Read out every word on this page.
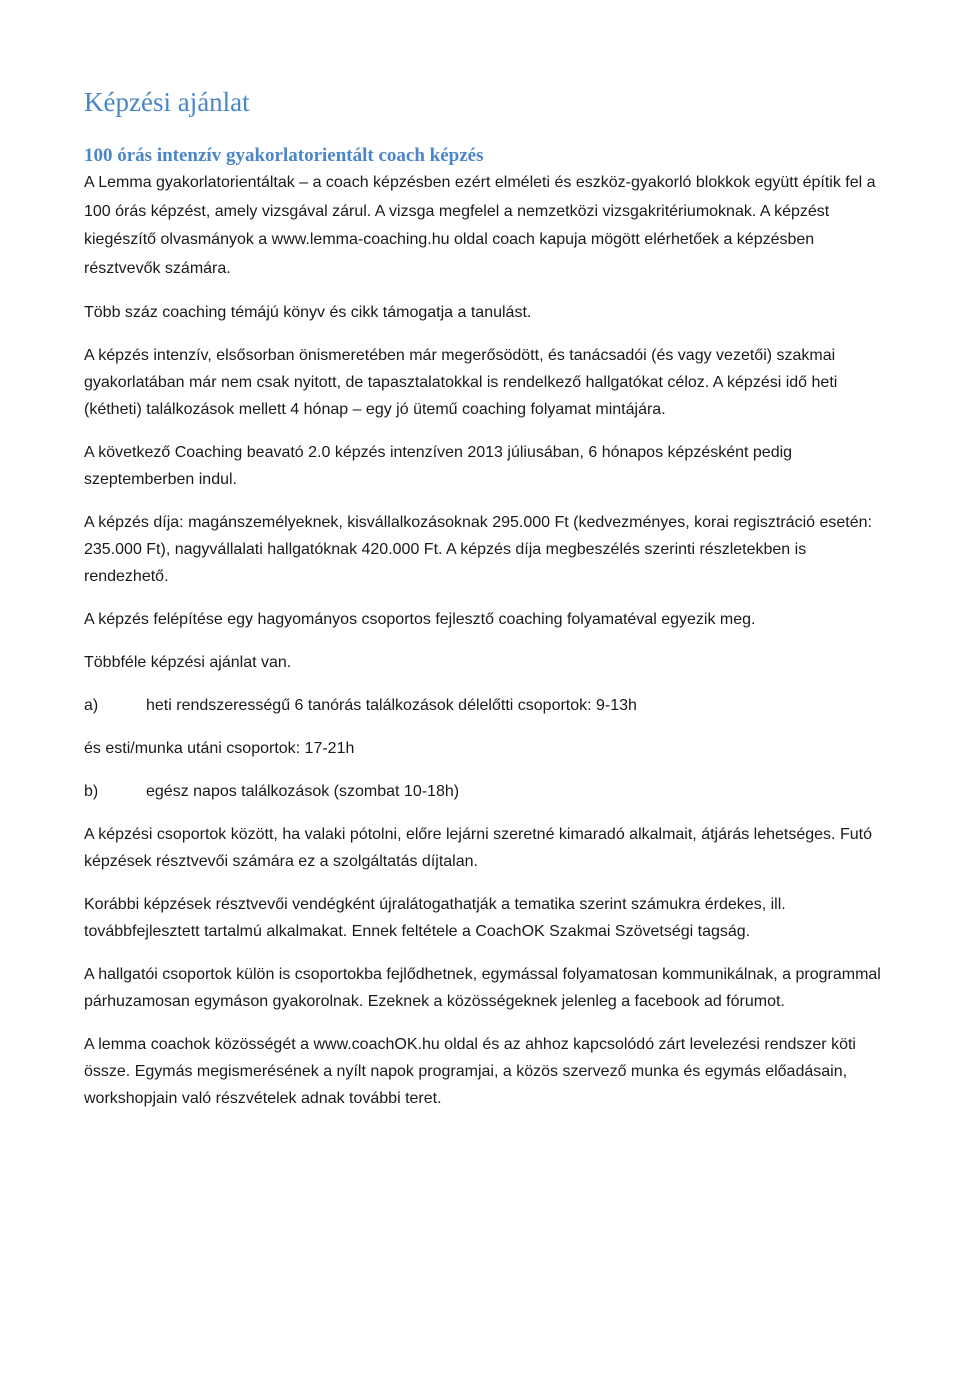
Képzési ajánlat
100 órás intenzív gyakorlatorientált coach képzés

A Lemma gyakorlatorientáltak – a coach képzésben ezért elméleti és eszköz-gyakorló blokkok együtt építik fel a 100 órás képzést, amely vizsgával zárul. A vizsga megfelel a nemzetközi vizsgakritériumoknak. A képzést kiegészítő olvasmányok a www.lemma-coaching.hu oldal coach kapuja mögött elérhetőek a képzésben résztvevők számára.

Több száz coaching témájú könyv és cikk támogatja a tanulást.

A képzés intenzív, elsősorban önismeretében már megerősödött, és tanácsadói (és vagy vezetői) szakmai gyakorlatában már nem csak nyitott, de tapasztalatokkal is rendelkező hallgatókat céloz. A képzési idő heti (kétheti) találkozások mellett 4 hónap – egy jó ütemű coaching folyamat mintájára.

A következő Coaching beavató 2.0 képzés intenzíven 2013 júliusában, 6 hónapos képzésként pedig szeptemberben indul.

A képzés díja: magánszemélyeknek, kisvállalkozásoknak 295.000 Ft (kedvezményes, korai regisztráció esetén: 235.000 Ft), nagyvállalati hallgatóknak 420.000 Ft. A képzés díja megbeszélés szerinti részletekben is rendezhető.

A képzés felépítése egy hagyományos csoportos fejlesztő coaching folyamatéval egyezik meg.

Többféle képzési ajánlat van.

a)	heti rendszerességű 6 tanórás találkozások délelőtti csoportok: 9-13h

és esti/munka utáni csoportok: 17-21h

b)	egész napos találkozások (szombat 10-18h)

A képzési csoportok között, ha valaki pótolni, előre lejárni szeretné kimaradó alkalmait, átjárás lehetséges. Futó képzések résztvevői számára ez a szolgáltatás díjtalan.

Korábbi képzések résztvevői vendégként újralátogathatják a tematika szerint számukra érdekes, ill. továbbfejlesztett tartalmú alkalmakat. Ennek feltétele a CoachOK Szakmai Szövetségi tagság.

A hallgatói csoportok külön is csoportokba fejlődhetnek, egymással folyamatosan kommunikálnak, a programmal párhuzamosan egymáson gyakorolnak. Ezeknek a közösségeknek jelenleg a facebook ad fórumot.

A lemma coachok közösségét a www.coachOK.hu oldal és az ahhoz kapcsolódó zárt levelezési rendszer köti össze. Egymás megismerésének a nyílt napok programjai, a közös szervező munka és egymás előadásain, workshopjain való részvételek adnak további teret.
